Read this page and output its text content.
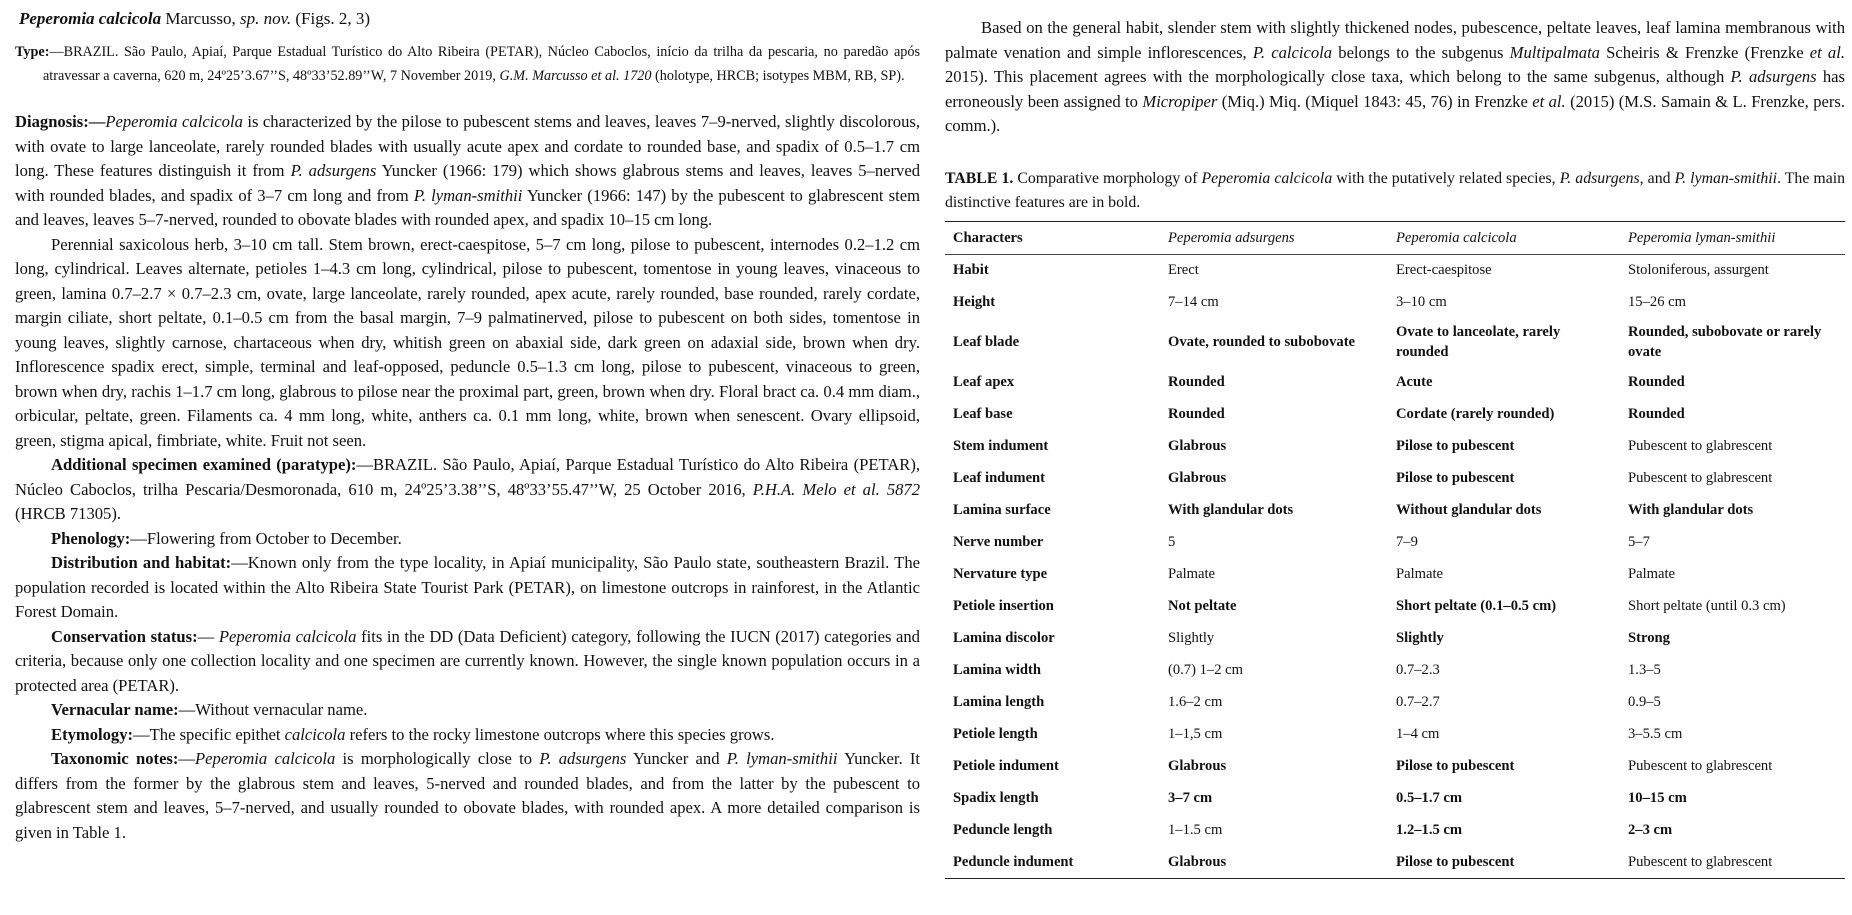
Peperomia calcicola Marcusso, sp. nov. (Figs. 2, 3)
Type:—BRAZIL. São Paulo, Apiaí, Parque Estadual Turístico do Alto Ribeira (PETAR), Núcleo Caboclos, início da trilha da pescaria, no paredão após atravessar a caverna, 620 m, 24º25’3.67’’S, 48º33’52.89’’W, 7 November 2019, G.M. Marcusso et al. 1720 (holotype, HRCB; isotypes MBM, RB, SP).

Diagnosis:—Peperomia calcicola is characterized by the pilose to pubescent stems and leaves, leaves 7–9-nerved, slightly discolorous, with ovate to large lanceolate, rarely rounded blades with usually acute apex and cordate to rounded base, and spadix of 0.5–1.7 cm long. These features distinguish it from P. adsurgens Yuncker (1966: 179) which shows glabrous stems and leaves, leaves 5–nerved with rounded blades, and spadix of 3–7 cm long and from P. lyman-smithii Yuncker (1966: 147) by the pubescent to glabrescent stem and leaves, leaves 5–7-nerved, rounded to obovate blades with rounded apex, and spadix 10–15 cm long.

Perennial saxicolous herb, 3–10 cm tall. Stem brown, erect-caespitose, 5–7 cm long, pilose to pubescent, internodes 0.2–1.2 cm long, cylindrical. Leaves alternate, petioles 1–4.3 cm long, cylindrical, pilose to pubescent, tomentose in young leaves, vinaceous to green, lamina 0.7–2.7 × 0.7–2.3 cm, ovate, large lanceolate, rarely rounded, apex acute, rarely rounded, base rounded, rarely cordate, margin ciliate, short peltate, 0.1–0.5 cm from the basal margin, 7–9 palmatinerved, pilose to pubescent on both sides, tomentose in young leaves, slightly carnose, chartaceous when dry, whitish green on abaxial side, dark green on adaxial side, brown when dry. Inflorescence spadix erect, simple, terminal and leaf-opposed, peduncle 0.5–1.3 cm long, pilose to pubescent, vinaceous to green, brown when dry, rachis 1–1.7 cm long, glabrous to pilose near the proximal part, green, brown when dry. Floral bract ca. 0.4 mm diam., orbicular, peltate, green. Filaments ca. 4 mm long, white, anthers ca. 0.1 mm long, white, brown when senescent. Ovary ellipsoid, green, stigma apical, fimbriate, white. Fruit not seen.

Additional specimen examined (paratype):—BRAZIL. São Paulo, Apiaí, Parque Estadual Turístico do Alto Ribeira (PETAR), Núcleo Caboclos, trilha Pescaria/Desmoronada, 610 m, 24º25’3.38’’S, 48º33’55.47’’W, 25 October 2016, P.H.A. Melo et al. 5872 (HRCB 71305).

Phenology:—Flowering from October to December.

Distribution and habitat:—Known only from the type locality, in Apiaí municipality, São Paulo state, southeastern Brazil. The population recorded is located within the Alto Ribeira State Tourist Park (PETAR), on limestone outcrops in rainforest, in the Atlantic Forest Domain.

Conservation status:— Peperomia calcicola fits in the DD (Data Deficient) category, following the IUCN (2017) categories and criteria, because only one collection locality and one specimen are currently known. However, the single known population occurs in a protected area (PETAR).

Vernacular name:—Without vernacular name.

Etymology:—The specific epithet calcicola refers to the rocky limestone outcrops where this species grows.

Taxonomic notes:—Peperomia calcicola is morphologically close to P. adsurgens Yuncker and P. lyman-smithii Yuncker. It differs from the former by the glabrous stem and leaves, 5-nerved and rounded blades, and from the latter by the pubescent to glabrescent stem and leaves, 5–7-nerved, and usually rounded to obovate blades, with rounded apex. A more detailed comparison is given in Table 1.

Based on the general habit, slender stem with slightly thickened nodes, pubescence, peltate leaves, leaf lamina membranous with palmate venation and simple inflorescences, P. calcicola belongs to the subgenus Multipalmata Scheiris & Frenzke (Frenzke et al. 2015). This placement agrees with the morphologically close taxa, which belong to the same subgenus, although P. adsurgens has erroneously been assigned to Micropiper (Miq.) Miq. (Miquel 1843: 45, 76) in Frenzke et al. (2015) (M.S. Samain & L. Frenzke, pers. comm.).

TABLE 1. Comparative morphology of Peperomia calcicola with the putatively related species, P. adsurgens, and P. lyman-smithii. The main distinctive features are in bold.

Characters	Peperomia adsurgens	Peperomia calcicola	Peperomia lyman-smithii
Habit	Erect	Erect-caespitose	Stoloniferous, assurgent
Height	7–14 cm	3–10 cm	15–26 cm
Leaf blade	Ovate, rounded to subobovate	Ovate to lanceolate, rarely rounded	Rounded, subobovate or rarely ovate
Leaf apex	Rounded	Acute	Rounded
Leaf base	Rounded	Cordate (rarely rounded)	Rounded
Stem indument	Glabrous	Pilose to pubescent	Pubescent to glabrescent
Leaf indument	Glabrous	Pilose to pubescent	Pubescent to glabrescent
Lamina surface	With glandular dots	Without glandular dots	With glandular dots
Nerve number	5	7–9	5–7
Nervature type	Palmate	Palmate	Palmate
Petiole insertion	Not peltate	Short peltate (0.1–0.5 cm)	Short peltate (until 0.3 cm)
Lamina discolor	Slightly	Slightly	Strong
Lamina width	(0.7) 1–2 cm	0.7–2.3	1.3–5
Lamina length	1.6–2 cm	0.7–2.7	0.9–5
Petiole length	1–1,5 cm	1–4 cm	3–5.5 cm
Petiole indument	Glabrous	Pilose to pubescent	Pubescent to glabrescent
Spadix length	3–7 cm	0.5–1.7 cm	10–15 cm
Peduncle length	1–1.5 cm	1.2–1.5 cm	2–3 cm
Peduncle indument	Glabrous	Pilose to pubescent	Pubescent to glabrescent
